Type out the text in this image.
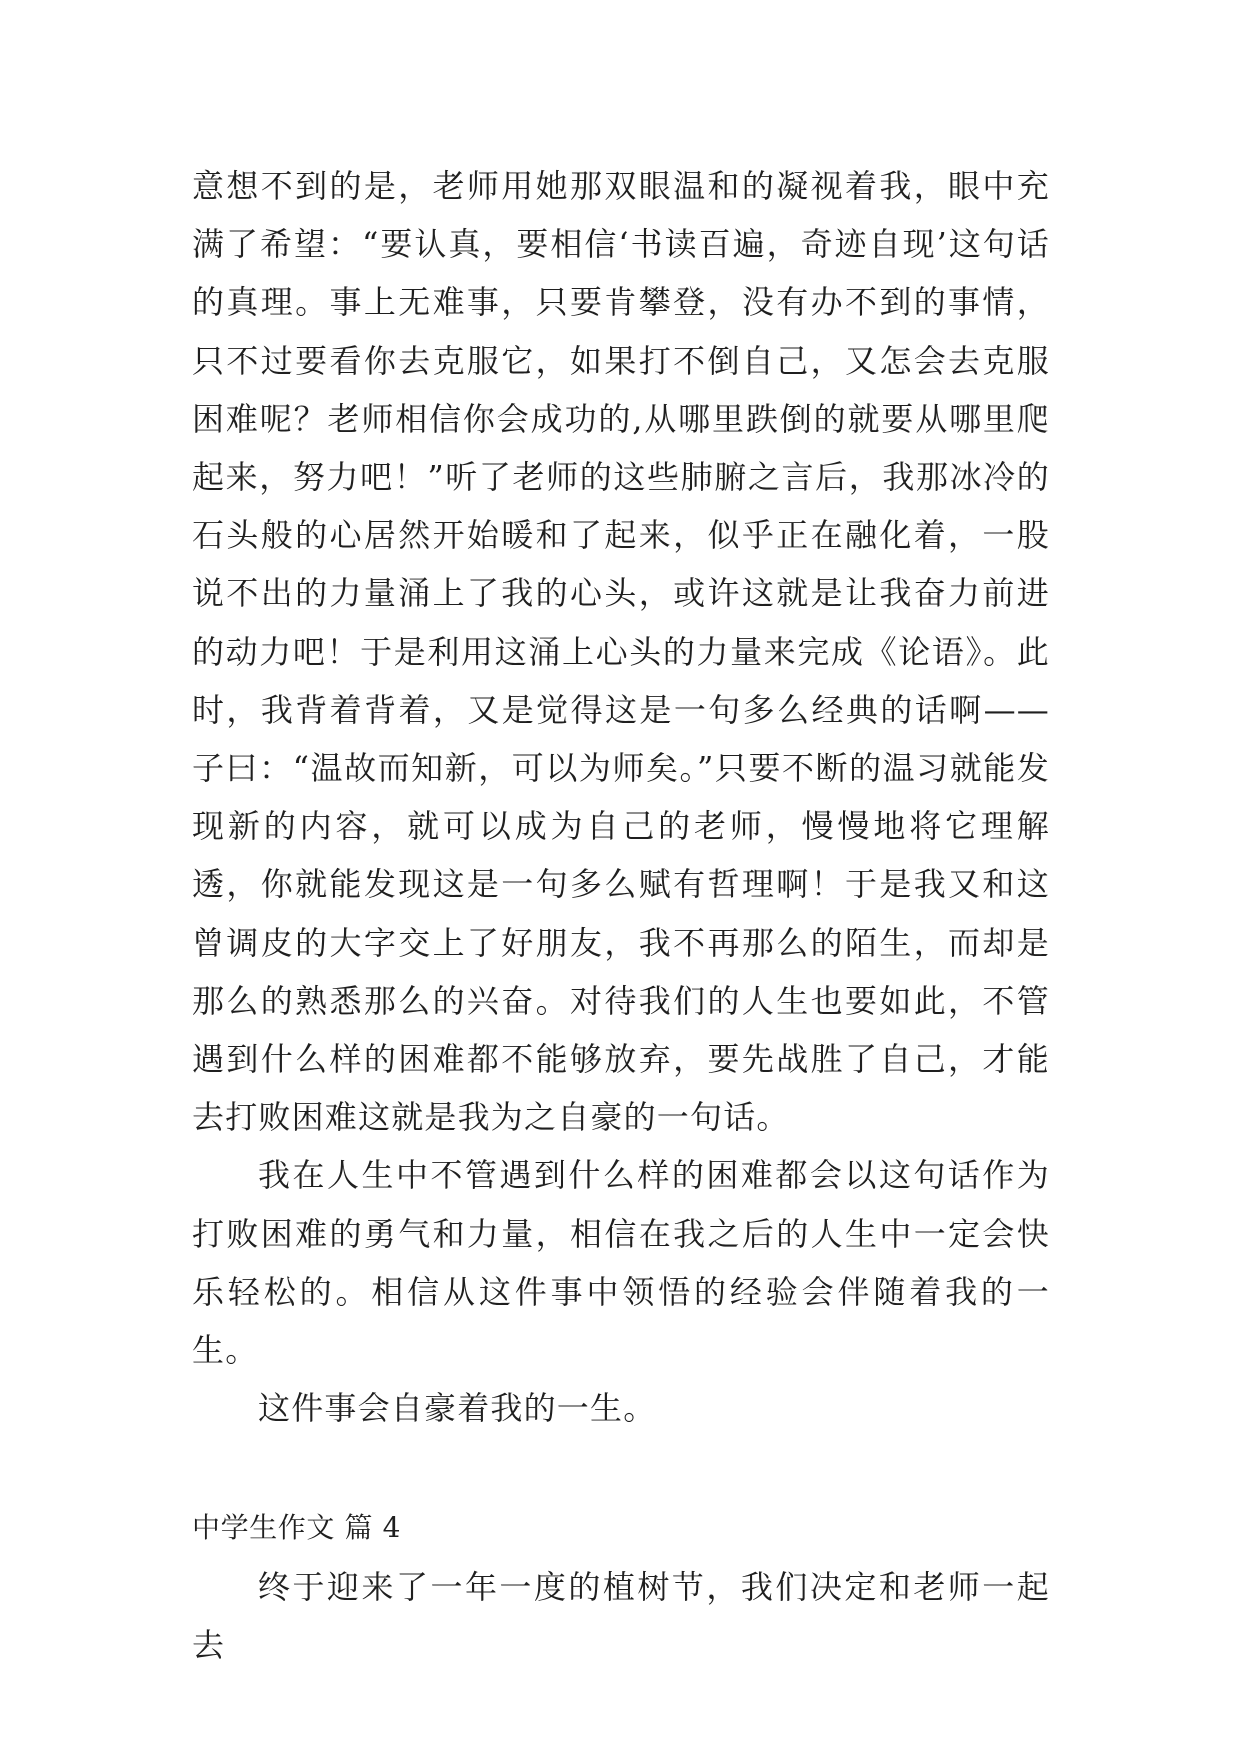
意想不到的是，老师用她那双眼温和的凝视着我，眼中充满了希望：“要认真，要相信‘书读百遍，奇迹自现’这句话的真理。事上无难事，只要肯攀登，没有办不到的事情，只不过要看你去克服它，如果打不倒自己，又怎会去克服困难呢？老师相信你会成功的,从哪里跌倒的就要从哪里爬起来，努力吧！”听了老师的这些肺腑之言后，我那冰冷的石头般的心居然开始暖和了起来，似乎正在融化着，一股说不出的力量涌上了我的心头，或许这就是让我奋力前进的动力吧！于是利用这涌上心头的力量来完成《论语》。此时，我背着背着，又是觉得这是一句多么经典的话啊——子曰：“温故而知新，可以为师矣。”只要不断的温习就能发现新的内容，就可以成为自己的老师，慢慢地将它理解透，你就能发现这是一句多么赋有哲理啊！于是我又和这曾调皮的大字交上了好朋友，我不再那么的陌生，而却是那么的熟悉那么的兴奋。对待我们的人生也要如此，不管遇到什么样的困难都不能够放弃，要先战胜了自己，才能去打败困难这就是我为之自豪的一句话。

我在人生中不管遇到什么样的困难都会以这句话作为打败困难的勇气和力量，相信在我之后的人生中一定会快乐轻松的。相信从这件事中领悟的经验会伴随着我的一生。

这件事会自豪着我的一生。

中学生作文 篇 4

终于迎来了一年一度的植树节，我们决定和老师一起去
